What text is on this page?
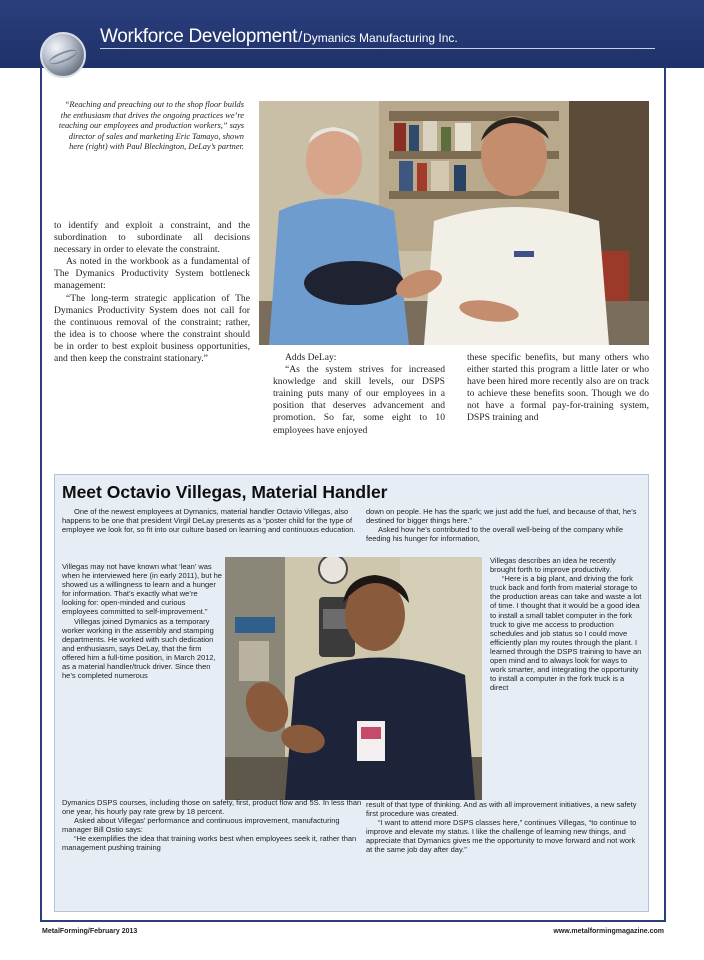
Workforce Development/Dymanics Manufacturing Inc.

“Reaching and preaching out to the shop floor builds the enthusiasm that drives the ongoing practices we’re teaching our employees and production workers,” says director of sales and marketing Eric Tamayo, shown here (right) with Paul Bleckington, DeLay’s partner.

to identify and exploit a constraint, and the subordination to subordinate all decisions necessary in order to elevate the constraint.

As noted in the workbook as a fundamental of The Dymanics Productivity System bottleneck management:

“The long-term strategic application of The Dymanics Productivity System does not call for the continuous removal of the constraint; rather, the idea is to choose where the constraint should be in order to best exploit business opportunities, and then keep the constraint stationary.”	Adds DeLay:

“As the system strives for increased knowledge and skill levels, our DSPS training puts many of our employees in a position that deserves advancement and promotion. So far, some eight to 10 employees have enjoyed

these specific benefits, but many others who either started this program a little later or who have been hired more recently also are on track to achieve these benefits soon. Though we do not have a formal pay-for-training system, DSPS training and

Meet Octavio Villegas, Material Handler

One of the newest employees at Dymanics, material handler Octavio Villegas, also happens to be one that president Virgil DeLay presents as a “poster child for the type of employee we look for, so fit into our culture based on learning and continuous education.

Villegas may not have known what ‘lean’ was when he interviewed here (in early 2011), but he showed us a willingness to learn and a hunger for information. That’s exactly what we’re looking for: open-minded and curious employees committed to self-improvement.”

Villegas joined Dymanics as a temporary worker working in the assembly and stamping departments. He worked with such dedication and enthusiasm, says DeLay, that the firm offered him a full-time position, in March 2012, as a material handler/truck driver. Since then he’s completed numerous

down on people. He has the spark; we just add the fuel, and because of that, he’s destined for bigger things here.”

Asked how he’s contributed to the overall well-being of the company while feeding his hunger for information,

Villegas describes an idea he recently brought forth to improve productivity.

“Here is a big plant, and driving the fork truck back and forth from material storage to the production areas can take and waste a lot of time. I thought that it would be a good idea to install a small tablet computer in the fork truck to give me access to production schedules and job status so I could move efficiently plan my routes through the plant. I learned through the DSPS training to have an open mind and to always look for ways to work smarter, and integrating the opportunity to install a computer in the fork truck is a direct

Dymanics DSPS courses, including those on safety, first, product flow and 5S. In less than one year, his hourly pay rate grew by 18 percent.

Asked about Villegas’ performance and continuous improvement, manufacturing manager Bill Ostio says:

“He exemplifies the idea that training works best when employees seek it, rather than management pushing training

result of that type of thinking. And as with all improvement initiatives, a new safety first procedure was created.

“I want to attend more DSPS classes here,” continues Villegas, “to continue to improve and elevate my status. I like the challenge of learning new things, and appreciate that Dymanics gives me the opportunity to move forward and not work at the same job day after day.”

MetalForming/February 2013	www.metalformingmagazine.com
